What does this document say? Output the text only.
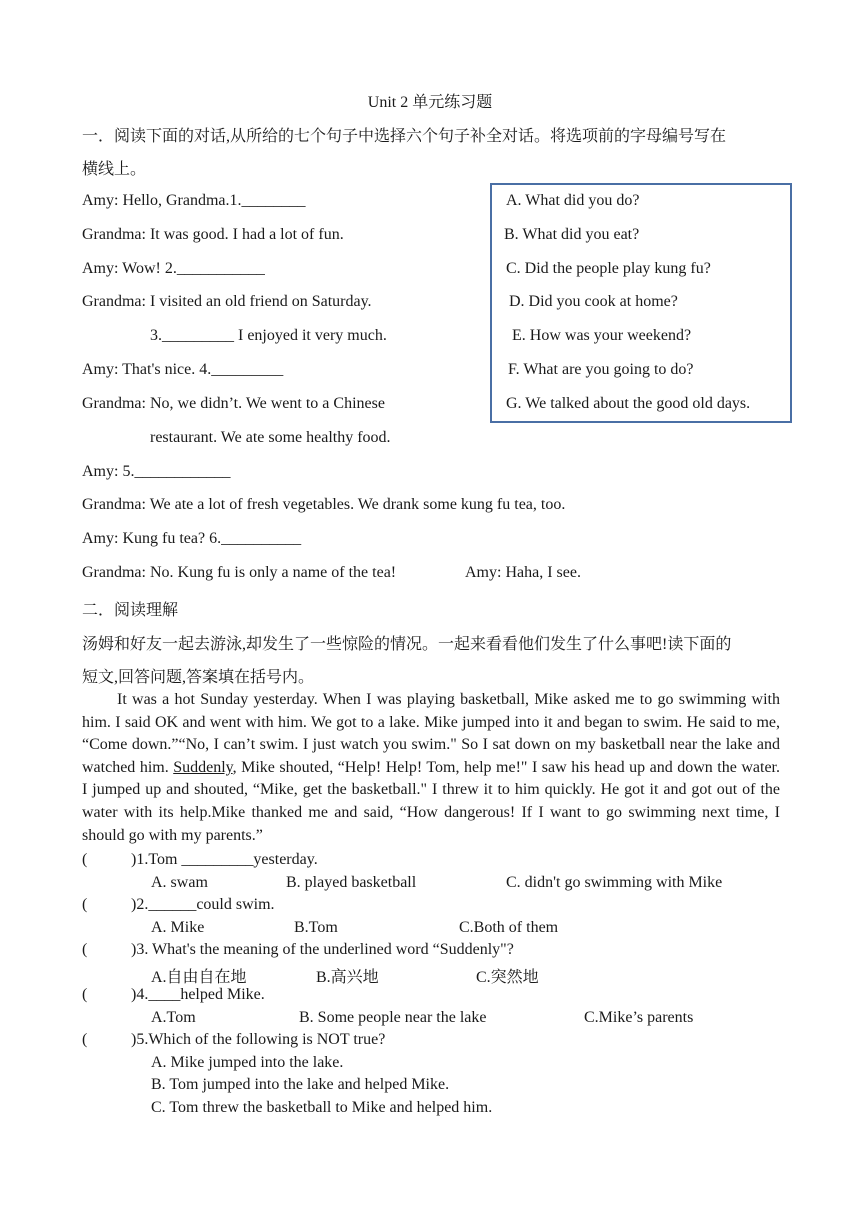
Unit 2 单元练习题
一．阅读下面的对话,从所给的七个句子中选择六个句子补全对话。将选项前的字母编号写在
横线上。
Amy: Hello, Grandma.1.________
Grandma: It was good. I had a lot of fun.
Amy: Wow! 2.___________
Grandma: I visited an old friend on Saturday.
3._________ I enjoyed it very much.
Amy: That's nice. 4._________
Grandma: No, we didn’t. We went to a Chinese
restaurant. We ate some healthy food.
Amy: 5.____________
Grandma: We ate a lot of fresh vegetables. We drank some kung fu tea, too.
Amy: Kung fu tea? 6.__________
Grandma: No. Kung fu is only a name of the tea!	Amy: Haha, I see.
A. What did you do?
B. What did you eat?
C. Did the people play kung fu?
D. Did you cook at home?
E. How was your weekend?
F. What are you going to do?
G. We talked about the good old days.
二．阅读理解
汤姆和好友一起去游泳,却发生了一些惊险的情况。一起来看看他们发生了什么事吧!读下面的
短文,回答问题,答案填在括号内。
It was a hot Sunday yesterday. When I was playing basketball, Mike asked me to go swimming with him. I said OK and went with him. We got to a lake. Mike jumped into it and began to swim. He said to me, “Come down.”“No, I can’t swim. I just watch you swim." So I sat down on my basketball near the lake and watched him. Suddenly, Mike shouted, “Help! Help! Tom, help me!" I saw his head up and down the water. I jumped up and shouted, “Mike, get the basketball." I threw it to him quickly. He got it and got out of the water with its help.Mike thanked me and said, “How dangerous! If I want to go swimming next time, I should go with my parents.”
(	)1.Tom _________yesterday.
A. swam	B. played basketball	C. didn't go swimming with Mike
(	)2.______could swim.
A. Mike	B.Tom	C.Both of them
(	)3. What's the meaning of the underlined word “Suddenly"?
A.自由自在地	B.高兴地	C.突然地
(	)4.____helped Mike.
A.Tom	B. Some people near the lake	C.Mike’s parents
(	)5.Which of the following is NOT true?
A. Mike jumped into the lake.
B. Tom jumped into the lake and helped Mike.
C. Tom threw the basketball to Mike and helped him.
